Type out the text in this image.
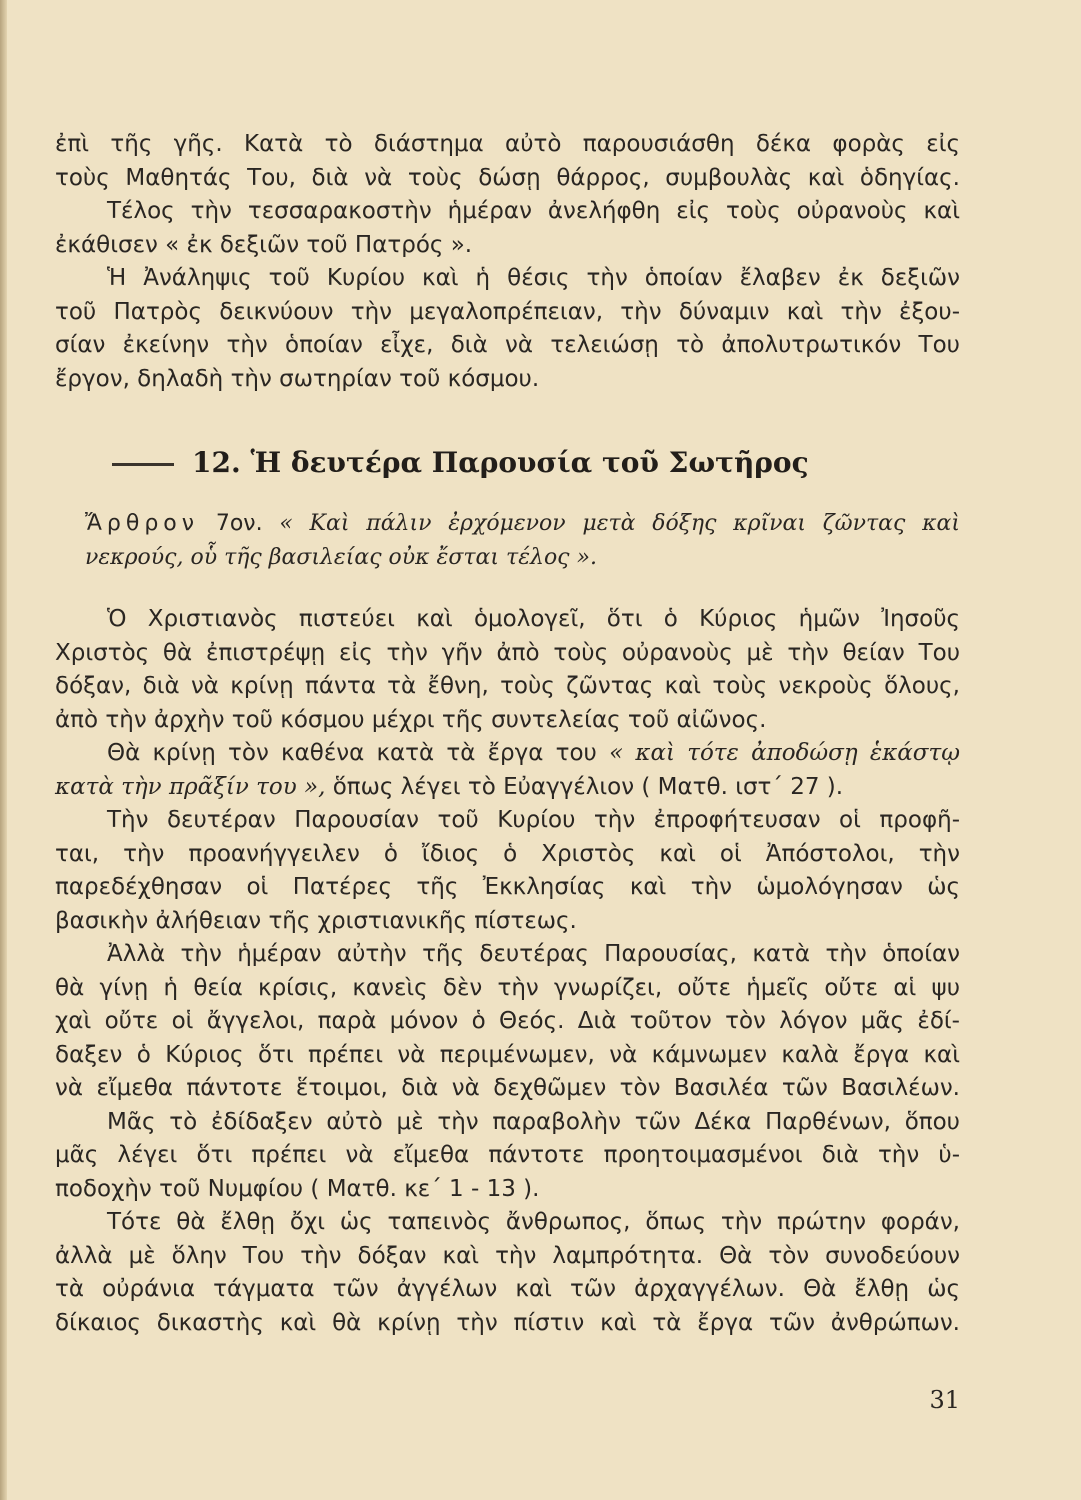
ἐπὶ τῆς γῆς. Κατὰ τὸ διάστημα αὐτὸ παρουσιάσθη δέκα φορὰς εἰς

τοὺς Μαθητάς Του, διὰ νὰ τοὺς δώσῃ θάρρος, συμβουλὰς καὶ ὁδηγίας.

Τέλος τὴν τεσσαρακοστὴν ἡμέραν ἀνελήφθη εἰς τοὺς οὐρανοὺς καὶ

ἐκάθισεν « ἐκ δεξιῶν τοῦ Πατρός ».

Ἡ Ἀνάληψις τοῦ Κυρίου καὶ ἡ θέσις τὴν ὁποίαν ἔλαβεν ἐκ δεξιῶν

τοῦ Πατρὸς δεικνύουν τὴν μεγαλοπρέπειαν, τὴν δύναμιν καὶ τὴν ἐξου-

σίαν ἐκείνην τὴν ὁποίαν εἶχε, διὰ νὰ τελειώσῃ τὸ ἀπολυτρωτικόν Του

ἔργον, δηλαδὴ τὴν σωτηρίαν τοῦ κόσμου.

12. Ἡ δευτέρα Παρουσία τοῦ Σωτῆρος

Ἄρθρον 7ον. « Καὶ πάλιν ἐρχόμενον μετὰ δόξης κρῖναι ζῶντας καὶ

νεκρούς, οὗ τῆς βασιλείας οὐκ ἔσται τέλος ».

Ὁ Χριστιανὸς πιστεύει καὶ ὁμολογεῖ, ὅτι ὁ Κύριος ἡμῶν Ἰησοῦς

Χριστὸς θὰ ἐπιστρέψῃ εἰς τὴν γῆν ἀπὸ τοὺς οὐρανοὺς μὲ τὴν θείαν Του

δόξαν, διὰ νὰ κρίνῃ πάντα τὰ ἔθνη, τοὺς ζῶντας καὶ τοὺς νεκροὺς ὅλους,

ἀπὸ τὴν ἀρχὴν τοῦ κόσμου μέχρι τῆς συντελείας τοῦ αἰῶνος.

Θὰ κρίνῃ τὸν καθένα κατὰ τὰ ἔργα του « καὶ τότε ἀποδώσῃ ἑκάστῳ

κατὰ τὴν πρᾶξίν του », ὅπως λέγει τὸ Εὐαγγέλιον ( Ματθ. ιστ΄ 27 ).

Τὴν δευτέραν Παρουσίαν τοῦ Κυρίου τὴν ἐπροφήτευσαν οἱ προφῆ-

ται, τὴν προανήγγειλεν ὁ ἴδιος ὁ Χριστὸς καὶ οἱ Ἀπόστολοι, τὴν

παρεδέχθησαν οἱ Πατέρες τῆς Ἐκκλησίας καὶ τὴν ὡμολόγησαν ὡς

βασικὴν ἀλήθειαν τῆς χριστιανικῆς πίστεως.

Ἀλλὰ τὴν ἡμέραν αὐτὴν τῆς δευτέρας Παρουσίας, κατὰ τὴν ὁποίαν

θὰ γίνῃ ἡ θεία κρίσις, κανεὶς δὲν τὴν γνωρίζει, οὔτε ἡμεῖς οὔτε αἱ ψυ

χαὶ οὔτε οἱ ἄγγελοι, παρὰ μόνον ὁ Θεός. Διὰ τοῦτον τὸν λόγον μᾶς ἐδί-

δαξεν ὁ Κύριος ὅτι πρέπει νὰ περιμένωμεν, νὰ κάμνωμεν καλὰ ἔργα καὶ

νὰ εἴμεθα πάντοτε ἕτοιμοι, διὰ νὰ δεχθῶμεν τὸν Βασιλέα τῶν Βασιλέων.

Μᾶς τὸ ἐδίδαξεν αὐτὸ μὲ τὴν παραβολὴν τῶν Δέκα Παρθένων, ὅπου

μᾶς λέγει ὅτι πρέπει νὰ εἴμεθα πάντοτε προητοιμασμένοι διὰ τὴν ὑ-

ποδοχὴν τοῦ Νυμφίου ( Ματθ. κε΄ 1 - 13 ).

Τότε θὰ ἔλθῃ ὄχι ὡς ταπεινὸς ἄνθρωπος, ὅπως τὴν πρώτην φοράν,

ἀλλὰ μὲ ὅλην Του τὴν δόξαν καὶ τὴν λαμπρότητα. Θὰ τὸν συνοδεύουν

τὰ οὐράνια τάγματα τῶν ἀγγέλων καὶ τῶν ἀρχαγγέλων. Θὰ ἔλθῃ ὡς

δίκαιος δικαστὴς καὶ θὰ κρίνῃ τὴν πίστιν καὶ τὰ ἔργα τῶν ἀνθρώπων.

31
